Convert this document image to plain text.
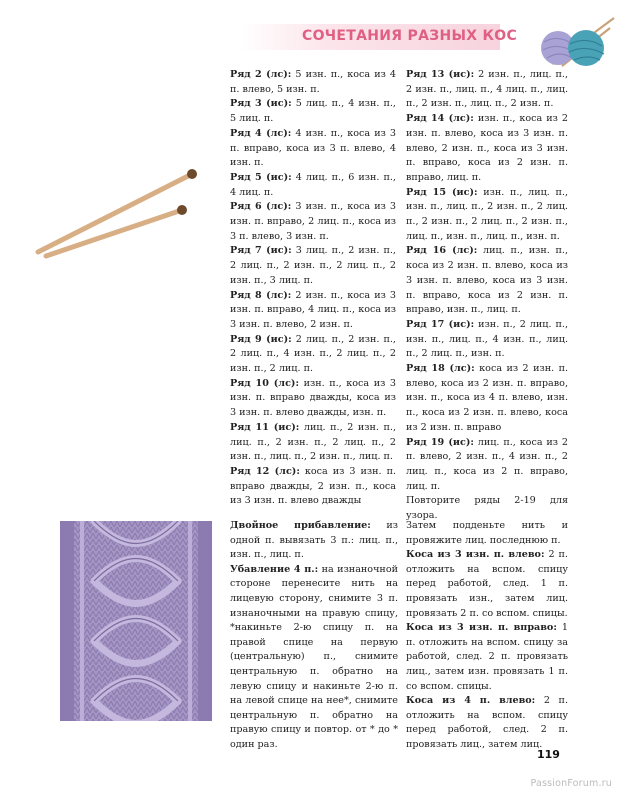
СОЧЕТАНИЯ РАЗНЫХ КОС

Ряд 2 (лс): 5 изн. п., коса из 4 п. влево, 5 изн. п.

Ряд 3 (ис): 5 лиц. п., 4 изн. п., 5 лиц. п.

Ряд 4 (лс): 4 изн. п., коса из 3 п. вправо, коса из 3 п. влево, 4 изн. п.

Ряд 5 (ис): 4 лиц. п., 6 изн. п., 4 лиц. п.

Ряд 6 (лс): 3 изн. п., коса из 3 изн. п. вправо, 2 лиц. п., коса из 3 п. влево, 3 изн. п.

Ряд 7 (ис): 3 лиц. п., 2 изн. п., 2 лиц. п., 2 изн. п., 2 лиц. п., 2 изн. п., 3 лиц. п.

Ряд 8 (лс): 2 изн. п., коса из 3 изн. п. вправо, 4 лиц. п., коса из 3 изн. п. влево, 2 изн. п.

Ряд 9 (ис): 2 лиц. п., 2 изн. п., 2 лиц. п., 4 изн. п., 2 лиц. п., 2 изн. п., 2 лиц. п.

Ряд 10 (лс): изн. п., коса из 3 изн. п. вправо дважды, коса из 3 изн. п. влево дважды, изн. п.

Ряд 11 (ис): лиц. п., 2 изн. п., лиц. п., 2 изн. п., 2 лиц. п., 2 изн. п., лиц. п., 2 изн. п., лиц. п.

Ряд 12 (лс): коса из 3 изн. п. вправо дважды, 2 изн. п., коса из 3 изн. п. влево дважды

Ряд 13 (ис): 2 изн. п., лиц. п., 2 изн. п., лиц. п., 4 лиц. п., лиц. п., 2 изн. п., лиц. п., 2 изн. п.

Ряд 14 (лс): изн. п., коса из 2 изн. п. влево, коса из 3 изн. п. влево, 2 изн. п., коса из 3 изн. п. вправо, коса из 2 изн. п. вправо, лиц. п.

Ряд 15 (ис): изн. п., лиц. п., изн. п., лиц. п., 2 изн. п., 2 лиц. п., 2 изн. п., 2 лиц. п., 2 изн. п., лиц. п., изн. п., лиц. п., изн. п.

Ряд 16 (лс): лиц. п., изн. п., коса из 2 изн. п. влево, коса из 3 изн. п. влево, коса из 3 изн. п. вправо, коса из 2 изн. п. вправо, изн. п., лиц. п.

Ряд 17 (ис): изн. п., 2 лиц. п., изн. п., лиц. п., 4 изн. п., лиц. п., 2 лиц. п., изн. п.

Ряд 18 (лс): коса из 2 изн. п. влево, коса из 2 изн. п. вправо, изн. п., коса из 4 п. влево, изн. п., коса из 2 изн. п. влево, коса из 2 изн. п. вправо

Ряд 19 (ис): лиц. п., коса из 2 п. влево, 2 изн. п., 4 изн. п., 2 лиц. п., коса из 2 п. вправо, лиц. п.

Повторите ряды 2-19 для узора.

Двойное прибавление: из одной п. вывязать 3 п.: лиц. п., изн. п., лиц. п.

Убавление 4 п.: на изнаночной стороне перенесите нить на лицевую сторону, снимите 3 п. изнаночными на правую спицу, *накиньте 2-ю спицу п. на правой спице на первую (центральную) п., снимите центральную п. обратно на левую спицу и накиньте 2-ю п. на левой спице на нее*, снимите центральную п. обратно на правую спицу и повтор. от * до * один раз.

Затем подденьте нить и провяжите лиц. последнюю п.

Коса из 3 изн. п. влево: 2 п. отложить на вспом. спицу перед работой, след. 1 п. провязать изн., затем лиц. провязать 2 п. со вспом. спицы.

Коса из 3 изн. п. вправо: 1 п. отложить на вспом. спицу за работой, след. 2 п. провязать лиц., затем изн. провязать 1 п. со вспом. спицы.

Коса из 4 п. влево: 2 п. отложить на вспом. спицу перед работой, след. 2 п. провязать лиц., затем лиц.

119
PassionForum.ru
